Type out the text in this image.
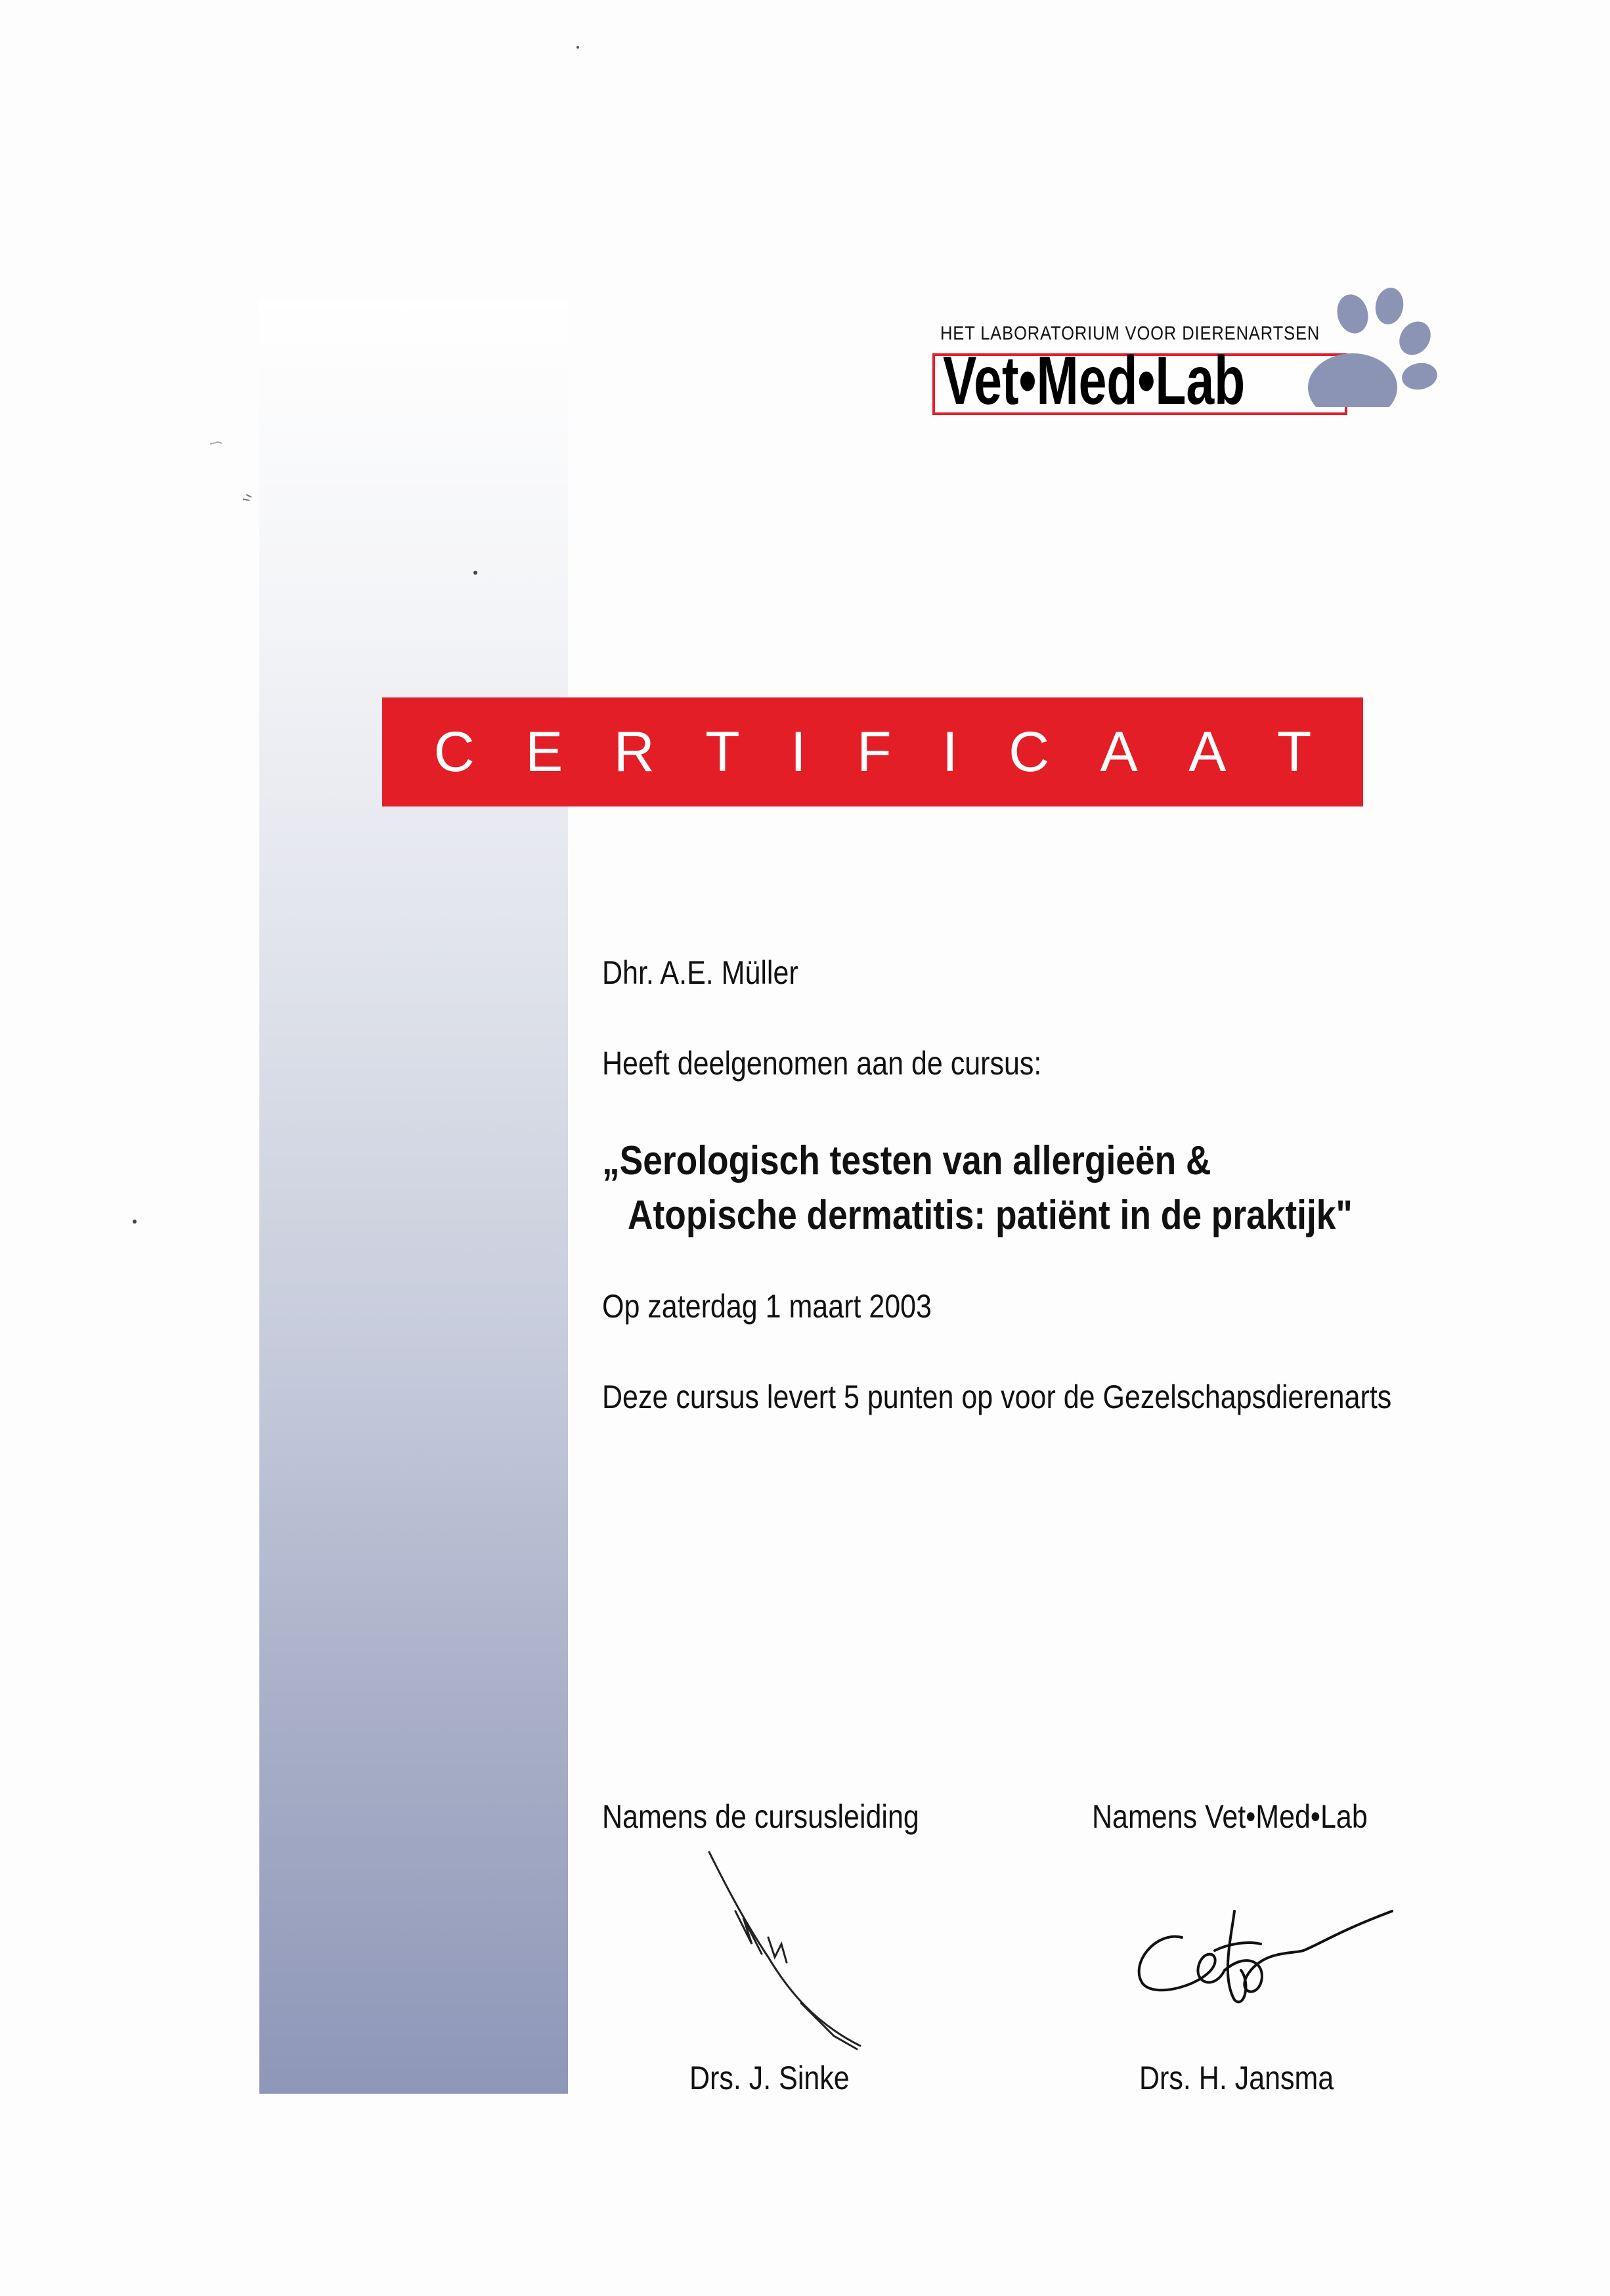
HET LABORATORIUM VOOR DIERENARTSEN
Vet•Med•Lab
C E R T I F I C A A T
Dhr. A.E. Müller
Heeft deelgenomen aan de cursus:
„Serologisch testen van allergieën &
Atopische dermatitis: patiënt in de praktijk"
Op zaterdag 1 maart 2003
Deze cursus levert 5 punten op voor de Gezelschapsdierenarts
Namens de cursusleiding	Namens Vet•Med•Lab
Drs. J. Sinke	Drs. H. Jansma
